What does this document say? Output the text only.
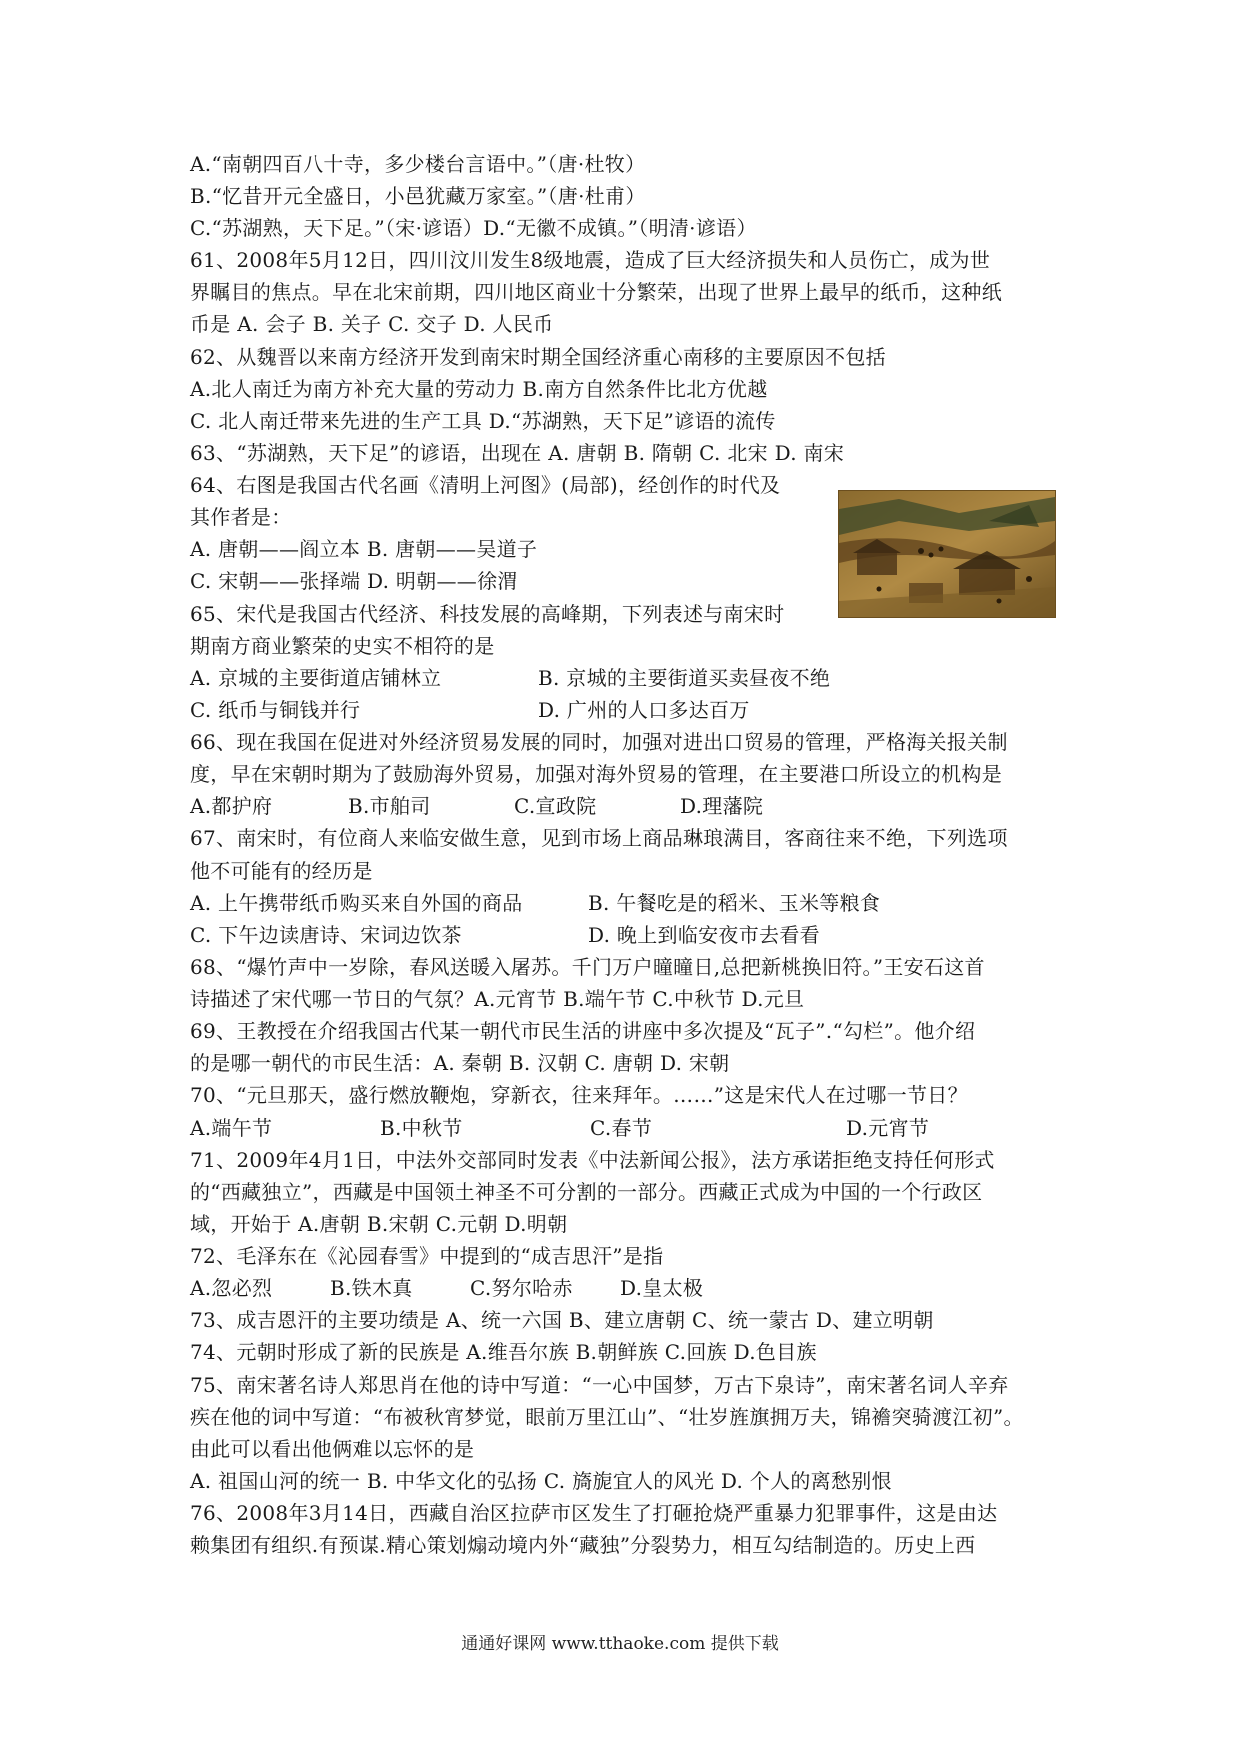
A.“南朝四百八十寺，多少楼台言语中。”（唐·杜牧）
B.“忆昔开元全盛日，小邑犹藏万家室。”（唐·杜甫）
C.“苏湖熟，天下足。”（宋·谚语）D.“无徽不成镇。”（明清·谚语）
61、2008年5月12日，四川汶川发生8级地震，造成了巨大经济损失和人员伤亡，成为世
界瞩目的焦点。早在北宋前期，四川地区商业十分繁荣，出现了世界上最早的纸币，这种纸
币是 A. 会子 B. 关子 C. 交子 D. 人民币
62、从魏晋以来南方经济开发到南宋时期全国经济重心南移的主要原因不包括
A.北人南迁为南方补充大量的劳动力 B.南方自然条件比北方优越
C. 北人南迁带来先进的生产工具 D.“苏湖熟，天下足”谚语的流传
63、“苏湖熟，天下足”的谚语，出现在 A. 唐朝 B. 隋朝 C. 北宋 D. 南宋
64、右图是我国古代名画《清明上河图》(局部)，经创作的时代及
其作者是：
A. 唐朝——阎立本 B. 唐朝——吴道子
C. 宋朝——张择端 D. 明朝——徐渭
65、宋代是我国古代经济、科技发展的高峰期，下列表述与南宋时
期南方商业繁荣的史实不相符的是
A. 京城的主要街道店铺林立	B. 京城的主要街道买卖昼夜不绝
C. 纸币与铜钱并行	D. 广州的人口多达百万
66、现在我国在促进对外经济贸易发展的同时，加强对进出口贸易的管理，严格海关报关制
度，早在宋朝时期为了鼓励海外贸易，加强对海外贸易的管理，在主要港口所设立的机构是
A.都护府	B.市舶司	C.宣政院	D.理藩院
67、南宋时，有位商人来临安做生意，见到市场上商品琳琅满目，客商往来不绝，下列选项
他不可能有的经历是
A. 上午携带纸币购买来自外国的商品	B. 午餐吃是的稻米、玉米等粮食
C. 下午边读唐诗、宋词边饮茶	D. 晚上到临安夜市去看看
68、“爆竹声中一岁除，春风送暖入屠苏。千门万户曈曈日,总把新桃换旧符。”王安石这首
诗描述了宋代哪一节日的气氛？A.元宵节 B.端午节 C.中秋节 D.元旦
69、王教授在介绍我国古代某一朝代市民生活的讲座中多次提及“瓦子”.“勾栏”。他介绍
的是哪一朝代的市民生活：A. 秦朝 B. 汉朝 C. 唐朝 D. 宋朝
70、“元旦那天，盛行燃放鞭炮，穿新衣，往来拜年。……”这是宋代人在过哪一节日？
A.端午节	B.中秋节	C.春节	D.元宵节
71、2009年4月1日，中法外交部同时发表《中法新闻公报》，法方承诺拒绝支持任何形式
的“西藏独立”，西藏是中国领土神圣不可分割的一部分。西藏正式成为中国的一个行政区
域，开始于 A.唐朝 B.宋朝 C.元朝 D.明朝
72、毛泽东在《沁园春雪》中提到的“成吉思汗”是指
A.忽必烈	B.铁木真	C.努尔哈赤 D.皇太极
73、成吉恩汗的主要功绩是 A、统一六国 B、建立唐朝 C、统一蒙古 D、建立明朝
74、元朝时形成了新的民族是 A.维吾尔族 B.朝鲜族 C.回族 D.色目族
75、南宋著名诗人郑思肖在他的诗中写道：“一心中国梦，万古下泉诗”，南宋著名词人辛弃
疾在他的词中写道：“布被秋宵梦觉，眼前万里江山”、“壮岁旌旗拥万夫，锦襜突骑渡江初”。
由此可以看出他俩难以忘怀的是
A. 祖国山河的统一 B. 中华文化的弘扬 C. 旖旎宜人的风光 D. 个人的离愁别恨
76、2008年3月14日，西藏自治区拉萨市区发生了打砸抢烧严重暴力犯罪事件，这是由达
赖集团有组织.有预谋.精心策划煽动境内外“藏独”分裂势力，相互勾结制造的。历史上西
通通好课网 www.tthaoke.com 提供下载
